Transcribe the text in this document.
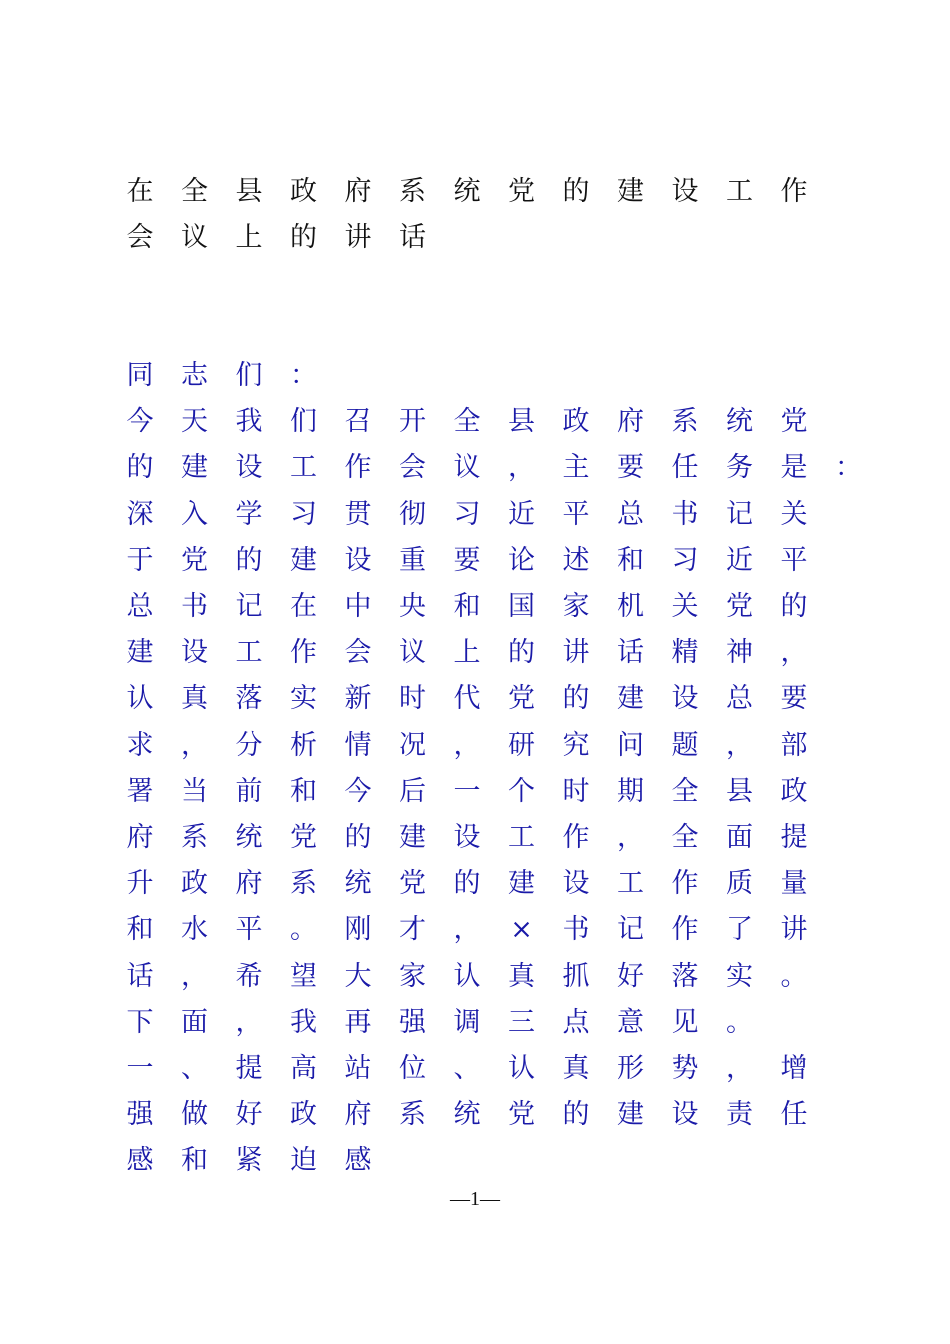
在 全 县 政 府 系 统 党 的 建 设 工 作
会 议 上 的 讲 话
同 志 们 ：
今 天 我 们 召 开 全 县 政 府 系 统 党
的 建 设 工 作 会 议 ， 主 要 任 务 是 ：
深 入 学 习 贯 彻 习 近 平 总 书 记 关
于 党 的 建 设 重 要 论 述 和 习 近 平
总 书 记 在 中 央 和 国 家 机 关 党 的
建 设 工 作 会 议 上 的 讲 话 精 神 ，
认 真 落 实 新 时 代 党 的 建 设 总 要
求 ， 分 析 情 况 ， 研 究 问 题 ， 部
署 当 前 和 今 后 一 个 时 期 全 县 政
府 系 统 党 的 建 设 工 作 ， 全 面 提
升 政 府 系 统 党 的 建 设 工 作 质 量
和 水 平 。 刚 才 ， × 书 记 作 了 讲
话 ， 希 望 大 家 认 真 抓 好 落 实 。
下 面 ， 我 再 强 调 三 点 意 见 。
一 、 提 高 站 位 、 认 真 形 势 ， 增
强 做 好 政 府 系 统 党 的 建 设 责 任
感 和 紧 迫 感
—1—
